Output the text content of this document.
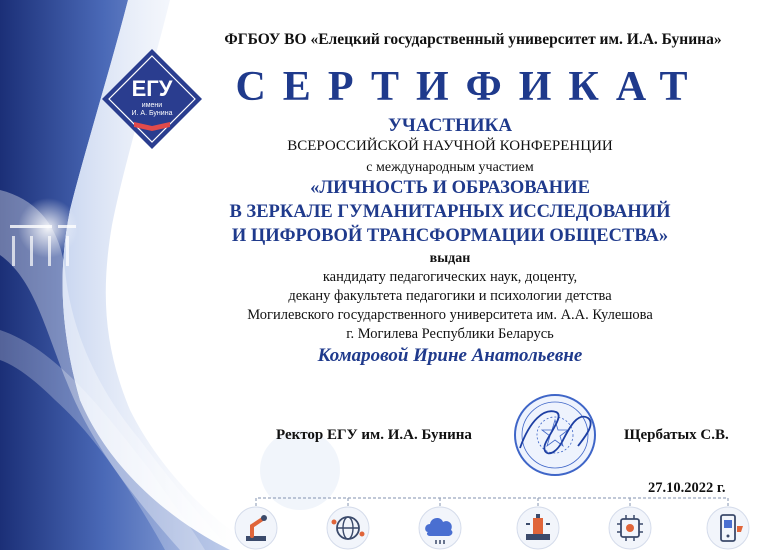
ФГБОУ ВО «Елецкий государственный университет им. И.А. Бунина»
ЕГУ
имени
И. А. Бунина
СЕРТИФИКАТ
УЧАСТНИКА
ВСЕРОССИЙСКОЙ НАУЧНОЙ КОНФЕРЕНЦИИ
с международным участием
«ЛИЧНОСТЬ И ОБРАЗОВАНИЕ
В ЗЕРКАЛЕ ГУМАНИТАРНЫХ ИССЛЕДОВАНИЙ
И ЦИФРОВОЙ ТРАНСФОРМАЦИИ ОБЩЕСТВА»
выдан
кандидату педагогических наук, доценту,
декану факультета педагогики и психологии детства
Могилевского государственного университета им. А.А. Кулешова
г. Могилева Республики Беларусь
Комаровой Ирине Анатольевне
Ректор ЕГУ им. И.А. Бунина	Щербатых С.В.
27.10.2022 г.
